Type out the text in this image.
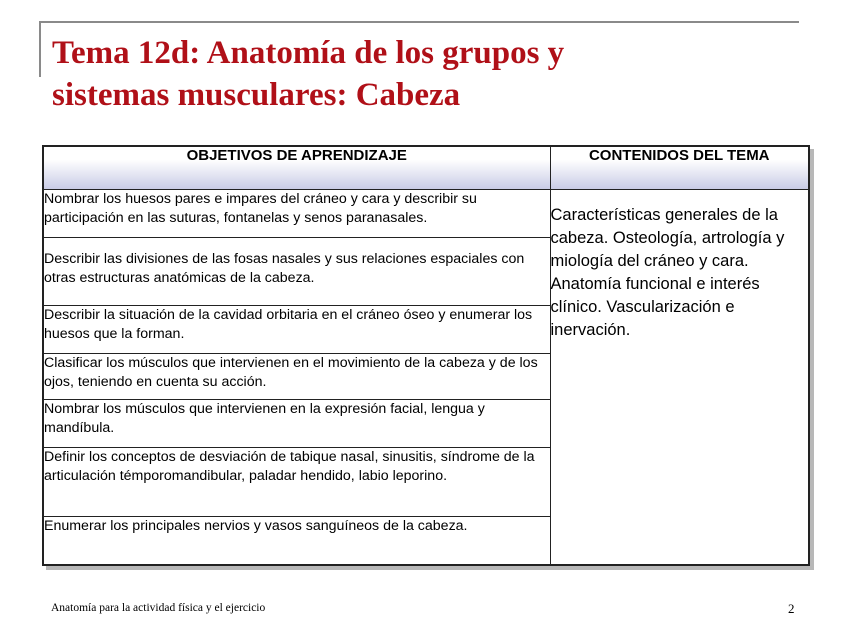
Tema 12d: Anatomía de los grupos y
sistemas musculares: Cabeza
OBJETIVOS DE APRENDIZAJE	CONTENIDOS DEL TEMA
Nombrar los huesos pares e impares del cráneo y cara y describir su participación en las suturas, fontanelas y senos paranasales.	Características generales de la cabeza. Osteología, artrología y miología del cráneo y cara. Anatomía funcional e interés clínico. Vascularización e inervación.

Describir las divisiones de las fosas nasales y sus relaciones espaciales con otras estructuras anatómicas de la cabeza.	
Describir la situación de la cavidad orbitaria en el cráneo óseo y enumerar los huesos que la forman.	
Clasificar los músculos que intervienen en el movimiento de la cabeza y de los ojos, teniendo en cuenta su acción.	
Nombrar los músculos que intervienen en la expresión facial, lengua y mandíbula.	
Definir los conceptos de desviación de tabique nasal, sinusitis, síndrome de la articulación témporomandibular, paladar hendido, labio leporino.	
Enumerar los principales nervios y vasos sanguíneos de la cabeza.	
Anatomía para la actividad física y el ejercicio	2
